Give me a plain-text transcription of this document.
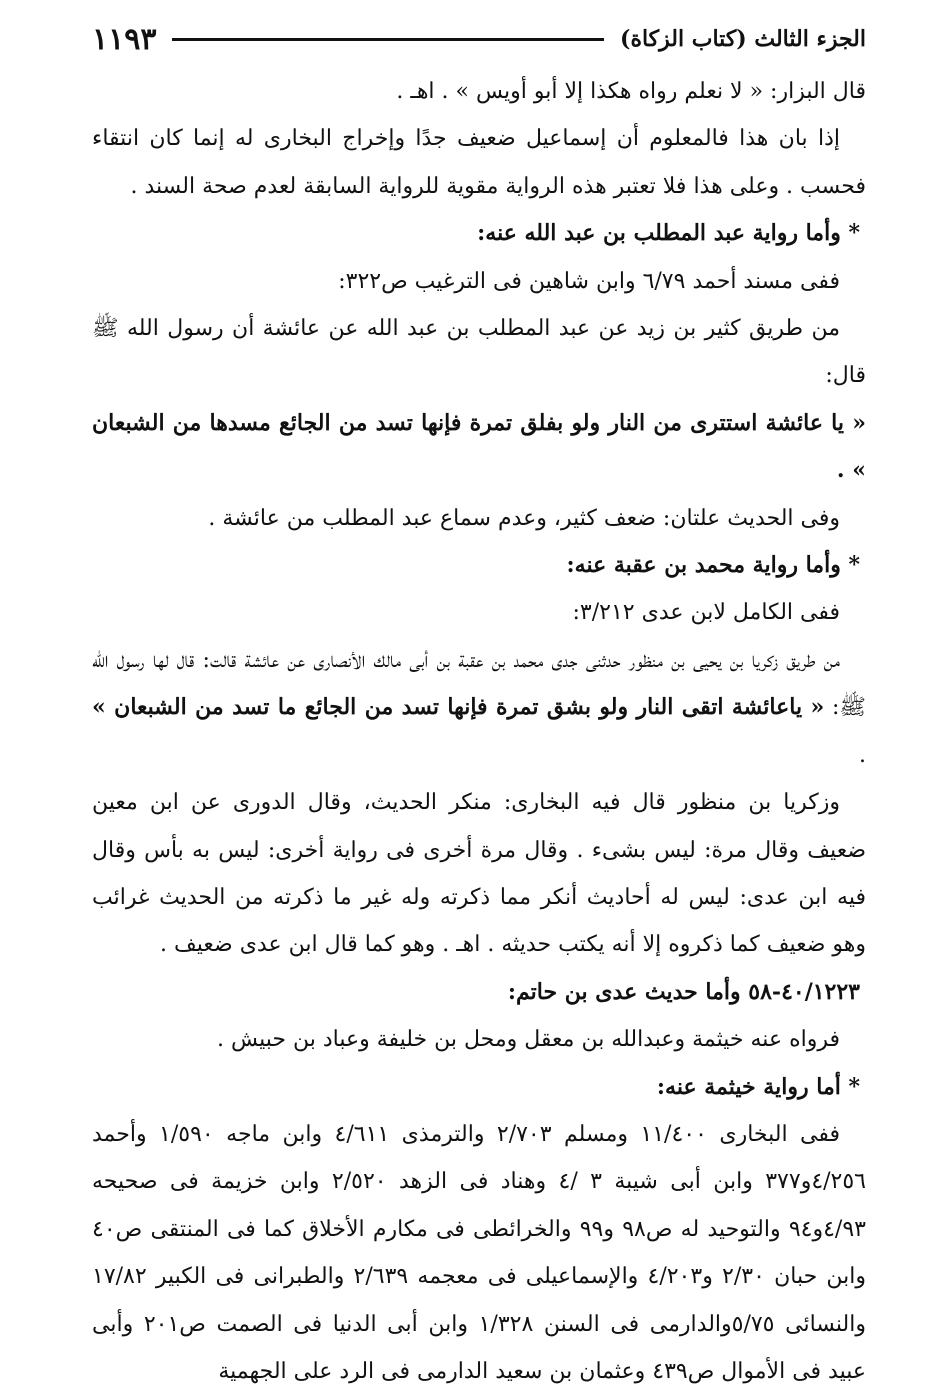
الجزء الثالث (كتاب الزكاة)
١١٩٣

قال البزار: « لا نعلم رواه هكذا إلا أبو أويس » . اهـ .

إذا بان هذا فالمعلوم أن إسماعيل ضعيف جدًا وإخراج البخارى له إنما كان انتقاء فحسب . وعلى هذا فلا تعتبر هذه الرواية مقوية للرواية السابقة لعدم صحة السند .

* وأما رواية عبد المطلب بن عبد الله عنه:

ففى مسند أحمد ٦/٧٩ وابن شاهين فى الترغيب ص٣٢٢:

من طريق كثير بن زيد عن عبد المطلب بن عبد الله عن عائشة أن رسول الله ﷺ قال:

« يا عائشة استترى من النار ولو بفلق تمرة فإنها تسد من الجائع مسدها من الشبعان » .

وفى الحديث علتان: ضعف كثير، وعدم سماع عبد المطلب من عائشة .

* وأما رواية محمد بن عقبة عنه:

ففى الكامل لابن عدى ٣/٢١٢:

من طريق زكريا بن يحيى بن منظور حدثنى جدى محمد بن عقبة بن أبى مالك الأنصارى عن عائشة قالت: قال لها رسول الله ﷺ: « ياعائشة اتقى النار ولو بشق تمرة فإنها تسد من الجائع ما تسد من الشبعان » .

وزكريا بن منظور قال فيه البخارى: منكر الحديث، وقال الدورى عن ابن معين ضعيف وقال مرة: ليس بشىء . وقال مرة أخرى فى رواية أخرى: ليس به بأس وقال فيه ابن عدى: ليس له أحاديث أنكر مما ذكرته وله غير ما ذكرته من الحديث غرائب وهو ضعيف كما ذكروه إلا أنه يكتب حديثه . اهـ . وهو كما قال ابن عدى ضعيف .

٤٠/١٢٢٣-٥٨ وأما حديث عدى بن حاتم:

فرواه عنه خيثمة وعبدالله بن معقل ومحل بن خليفة وعباد بن حبيش .

* أما رواية خيثمة عنه:

ففى البخارى ١١/٤٠٠ ومسلم ٢/٧٠٣ والترمذى ٤/٦١١ وابن ماجه ١/٥٩٠ وأحمد ٤/٢٥٦و٣٧٧ وابن أبى شيبة ٣ /٤ وهناد فى الزهد ٢/٥٢٠ وابن خزيمة فى صحيحه ٤/٩٣و٩٤ والتوحيد له ص٩٨ و٩٩ والخرائطى فى مكارم الأخلاق كما فى المنتقى ص٤٠ وابن حبان ٢/٣٠ و٤/٢٠٣ والإسماعيلى فى معجمه ٢/٦٣٩ والطبرانى فى الكبير ١٧/٨٢ والنسائى ٥/٧٥والدارمى فى السنن ١/٣٢٨ وابن أبى الدنيا فى الصمت ص٢٠١ وأبى عبيد فى الأموال ص٤٣٩ وعثمان بن سعيد الدارمى فى الرد على الجهمية
